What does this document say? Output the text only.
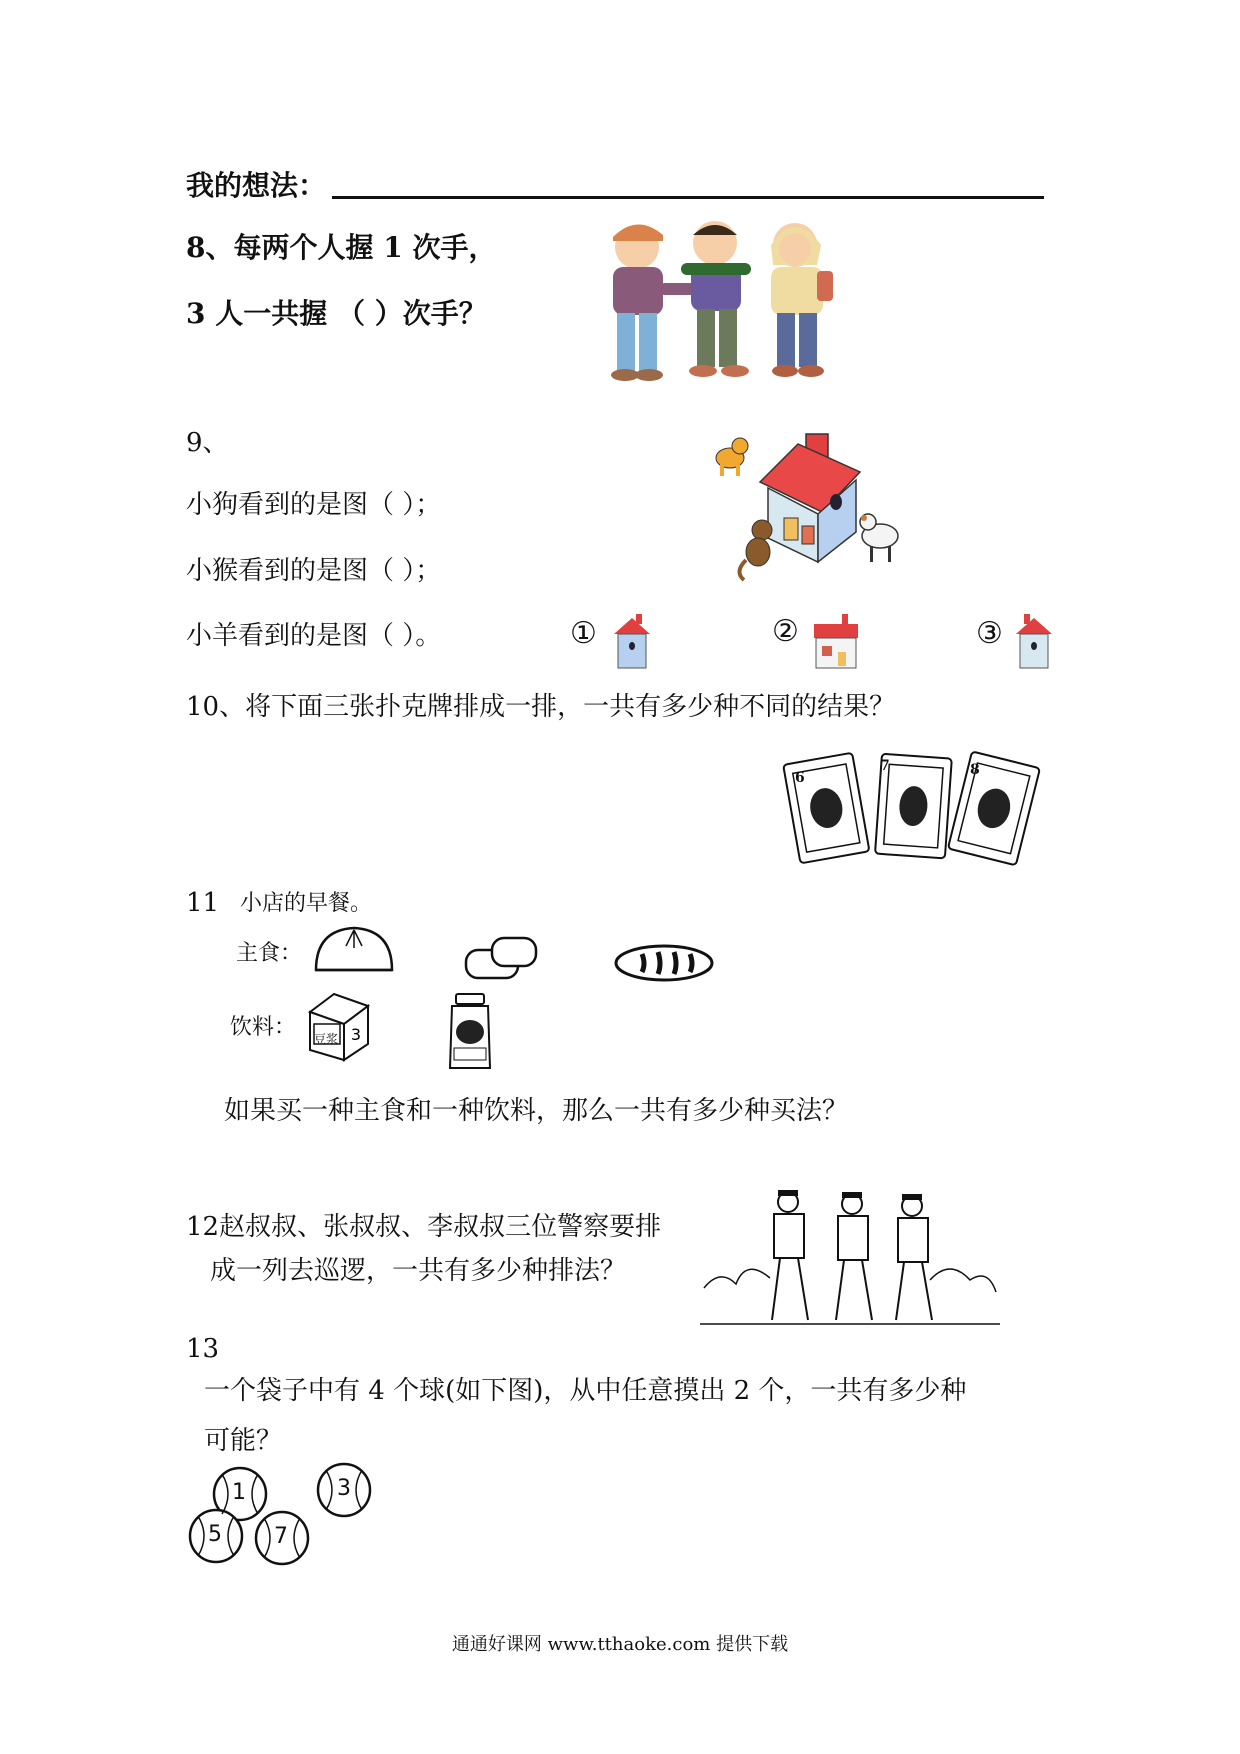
我的想法：
8、每两个人握 1 次手，
3 人一共握 （ ）次手？
9、
小狗看到的是图（ ）；
小猴看到的是图（ ）；
小羊看到的是图（ ）。	①	②	③
10、将下面三张扑克牌排成一排，一共有多少种不同的结果？
6
7	8
11 小店的早餐。
主食：
饮料：	3
豆浆
如果买一种主食和一种饮料，那么一共有多少种买法？
12赵叔叔、张叔叔、李叔叔三位警察要排
成一列去巡逻，一共有多少种排法？
13
一个袋子中有 4 个球(如下图)，从中任意摸出 2 个，一共有多少种
可能？
1	3
5 7
通通好课网 www.tthaoke.com 提供下载
